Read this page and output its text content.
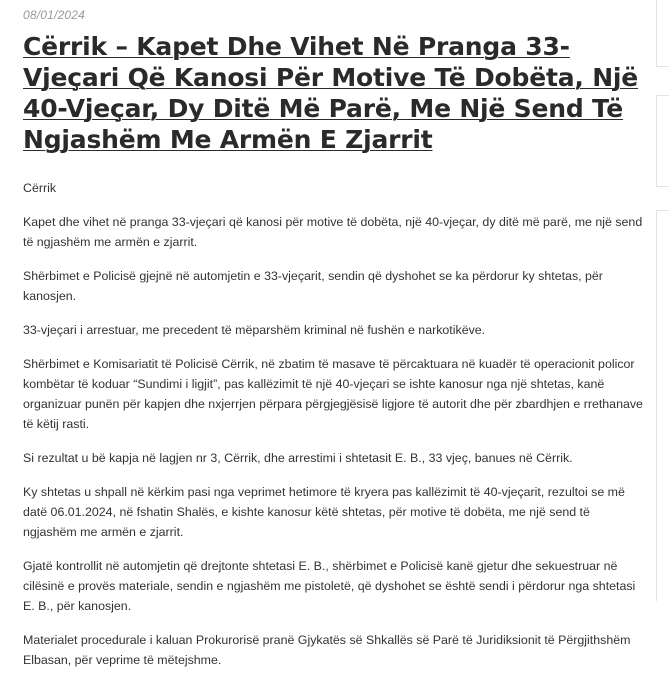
08/01/2024
Cërrik – Kapet Dhe Vihet Në Pranga 33-Vjeçari Që Kanosi Për Motive Të Dobëta, Një 40-Vjeçar, Dy Ditë Më Parë, Me Një Send Të Ngjashëm Me Armën E Zjarrit

Cërrik

Kapet dhe vihet në pranga 33-vjeçari që kanosi për motive të dobëta, një 40-vjeçar, dy ditë më parë, me një send të ngjashëm me armën e zjarrit.

Shërbimet e Policisë gjejnë në automjetin e 33-vjeçarit, sendin që dyshohet se ka përdorur ky shtetas, për kanosjen.

33-vjeçari i arrestuar, me precedent të mëparshëm kriminal në fushën e narkotikëve.

Shërbimet e Komisariatit të Policisë Cërrik, në zbatim të masave të përcaktuara në kuadër të operacionit policor kombëtar të koduar “Sundimi i ligjit”, pas kallëzimit të një 40-vjeçari se ishte kanosur nga një shtetas, kanë organizuar punën për kapjen dhe nxjerrjen përpara përgjegjësisë ligjore të autorit dhe për zbardhjen e rrethanave të këtij rasti.

Si rezultat u bë kapja në lagjen nr 3, Cërrik, dhe arrestimi i shtetasit E. B., 33 vjeç, banues në Cërrik.

Ky shtetas u shpall në kërkim pasi nga veprimet hetimore të kryera pas kallëzimit të 40-vjeçarit, rezultoi se më datë 06.01.2024, në fshatin Shalës, e kishte kanosur këtë shtetas, për motive të dobëta, me një send të ngjashëm me armën e zjarrit.

Gjatë kontrollit në automjetin që drejtonte shtetasi E. B., shërbimet e Policisë kanë gjetur dhe sekuestruar në cilësinë e provës materiale, sendin e ngjashëm me pistoletë, që dyshohet se është sendi i përdorur nga shtetasi E. B., për kanosjen.

Materialet procedurale i kaluan Prokurorisë pranë Gjykatës së Shkallës së Parë të Juridiksionit të Përgjithshëm Elbasan, për veprime të mëtejshme.
